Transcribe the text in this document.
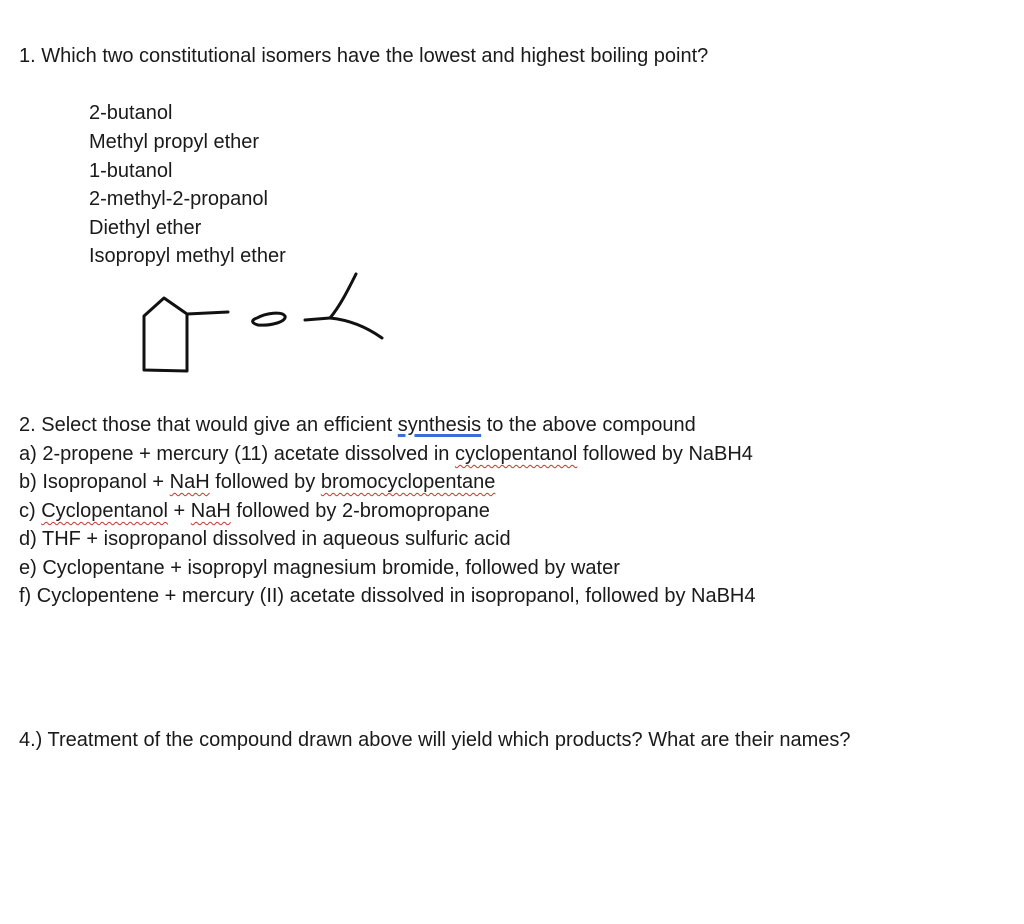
1. Which two constitutional isomers have the lowest and highest boiling point?
2-butanol
Methyl propyl ether
1-butanol
2-methyl-2-propanol
Diethyl ether
Isopropyl methyl ether
2. Select those that would give an efficient synthesis to the above compound
a) 2-propene + mercury (11) acetate dissolved in cyclopentanol followed by NaBH4
b) Isopropanol + NaH followed by bromocyclopentane
c) Cyclopentanol + NaH followed by 2-bromopropane
d) THF + isopropanol dissolved in aqueous sulfuric acid
e) Cyclopentane + isopropyl magnesium bromide, followed by water
f) Cyclopentene + mercury (II) acetate dissolved in isopropanol, followed by NaBH4
4.) Treatment of the compound drawn above will yield which products? What are their names?
